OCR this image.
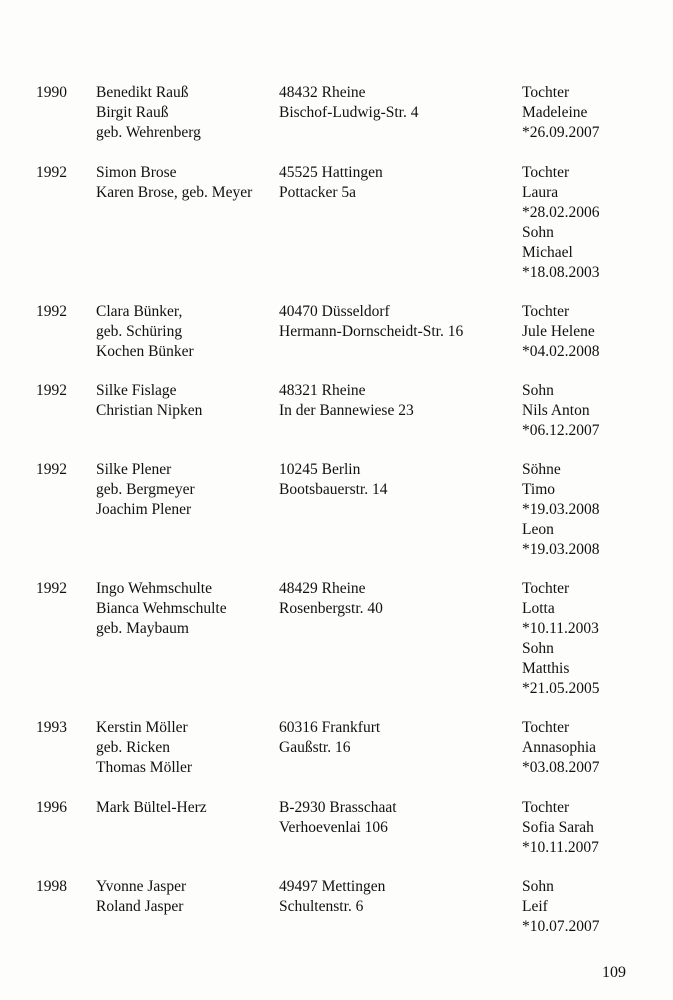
109
1990 Benedikt Rauß
Birgit Rauß
geb. Wehrenberg
48432 Rheine
Bischof-Ludwig-Str. 4
Tochter
Madeleine
*26.09.2007
1992 Simon Brose
Karen Brose, geb. Meyer
45525 Hattingen
Pottacker 5a
Tochter
Laura
*28.02.2006
Sohn
Michael
*18.08.2003
1992 Clara Bünker,
geb. Schüring
Kochen Bünker
40470 Düsseldorf
Hermann-Dornscheidt-Str. 16
Tochter
Jule Helene
*04.02.2008
1992 Silke Fislage
Christian Nipken
48321 Rheine
In der Bannewiese 23
Sohn
Nils Anton
*06.12.2007
1992 Silke Plener
geb. Bergmeyer
Joachim Plener
10245 Berlin
Bootsbauerstr. 14
Söhne
Timo
*19.03.2008
Leon
*19.03.2008
1992 Ingo Wehmschulte
Bianca Wehmschulte
geb. Maybaum
48429 Rheine
Rosenbergstr. 40
Tochter
Lotta
*10.11.2003
Sohn
Matthis
*21.05.2005
1993 Kerstin Möller
geb. Ricken
Thomas Möller
60316 Frankfurt
Gaußstr. 16
Tochter
Annasophia
*03.08.2007
1996 Mark Bültel-Herz	B-2930 Brasschaat
Verhoevenlai 106
Tochter
Sofia Sarah
*10.11.2007
1998 Yvonne Jasper
Roland Jasper
49497 Mettingen
Schultenstr. 6
Sohn
Leif
*10.07.2007
